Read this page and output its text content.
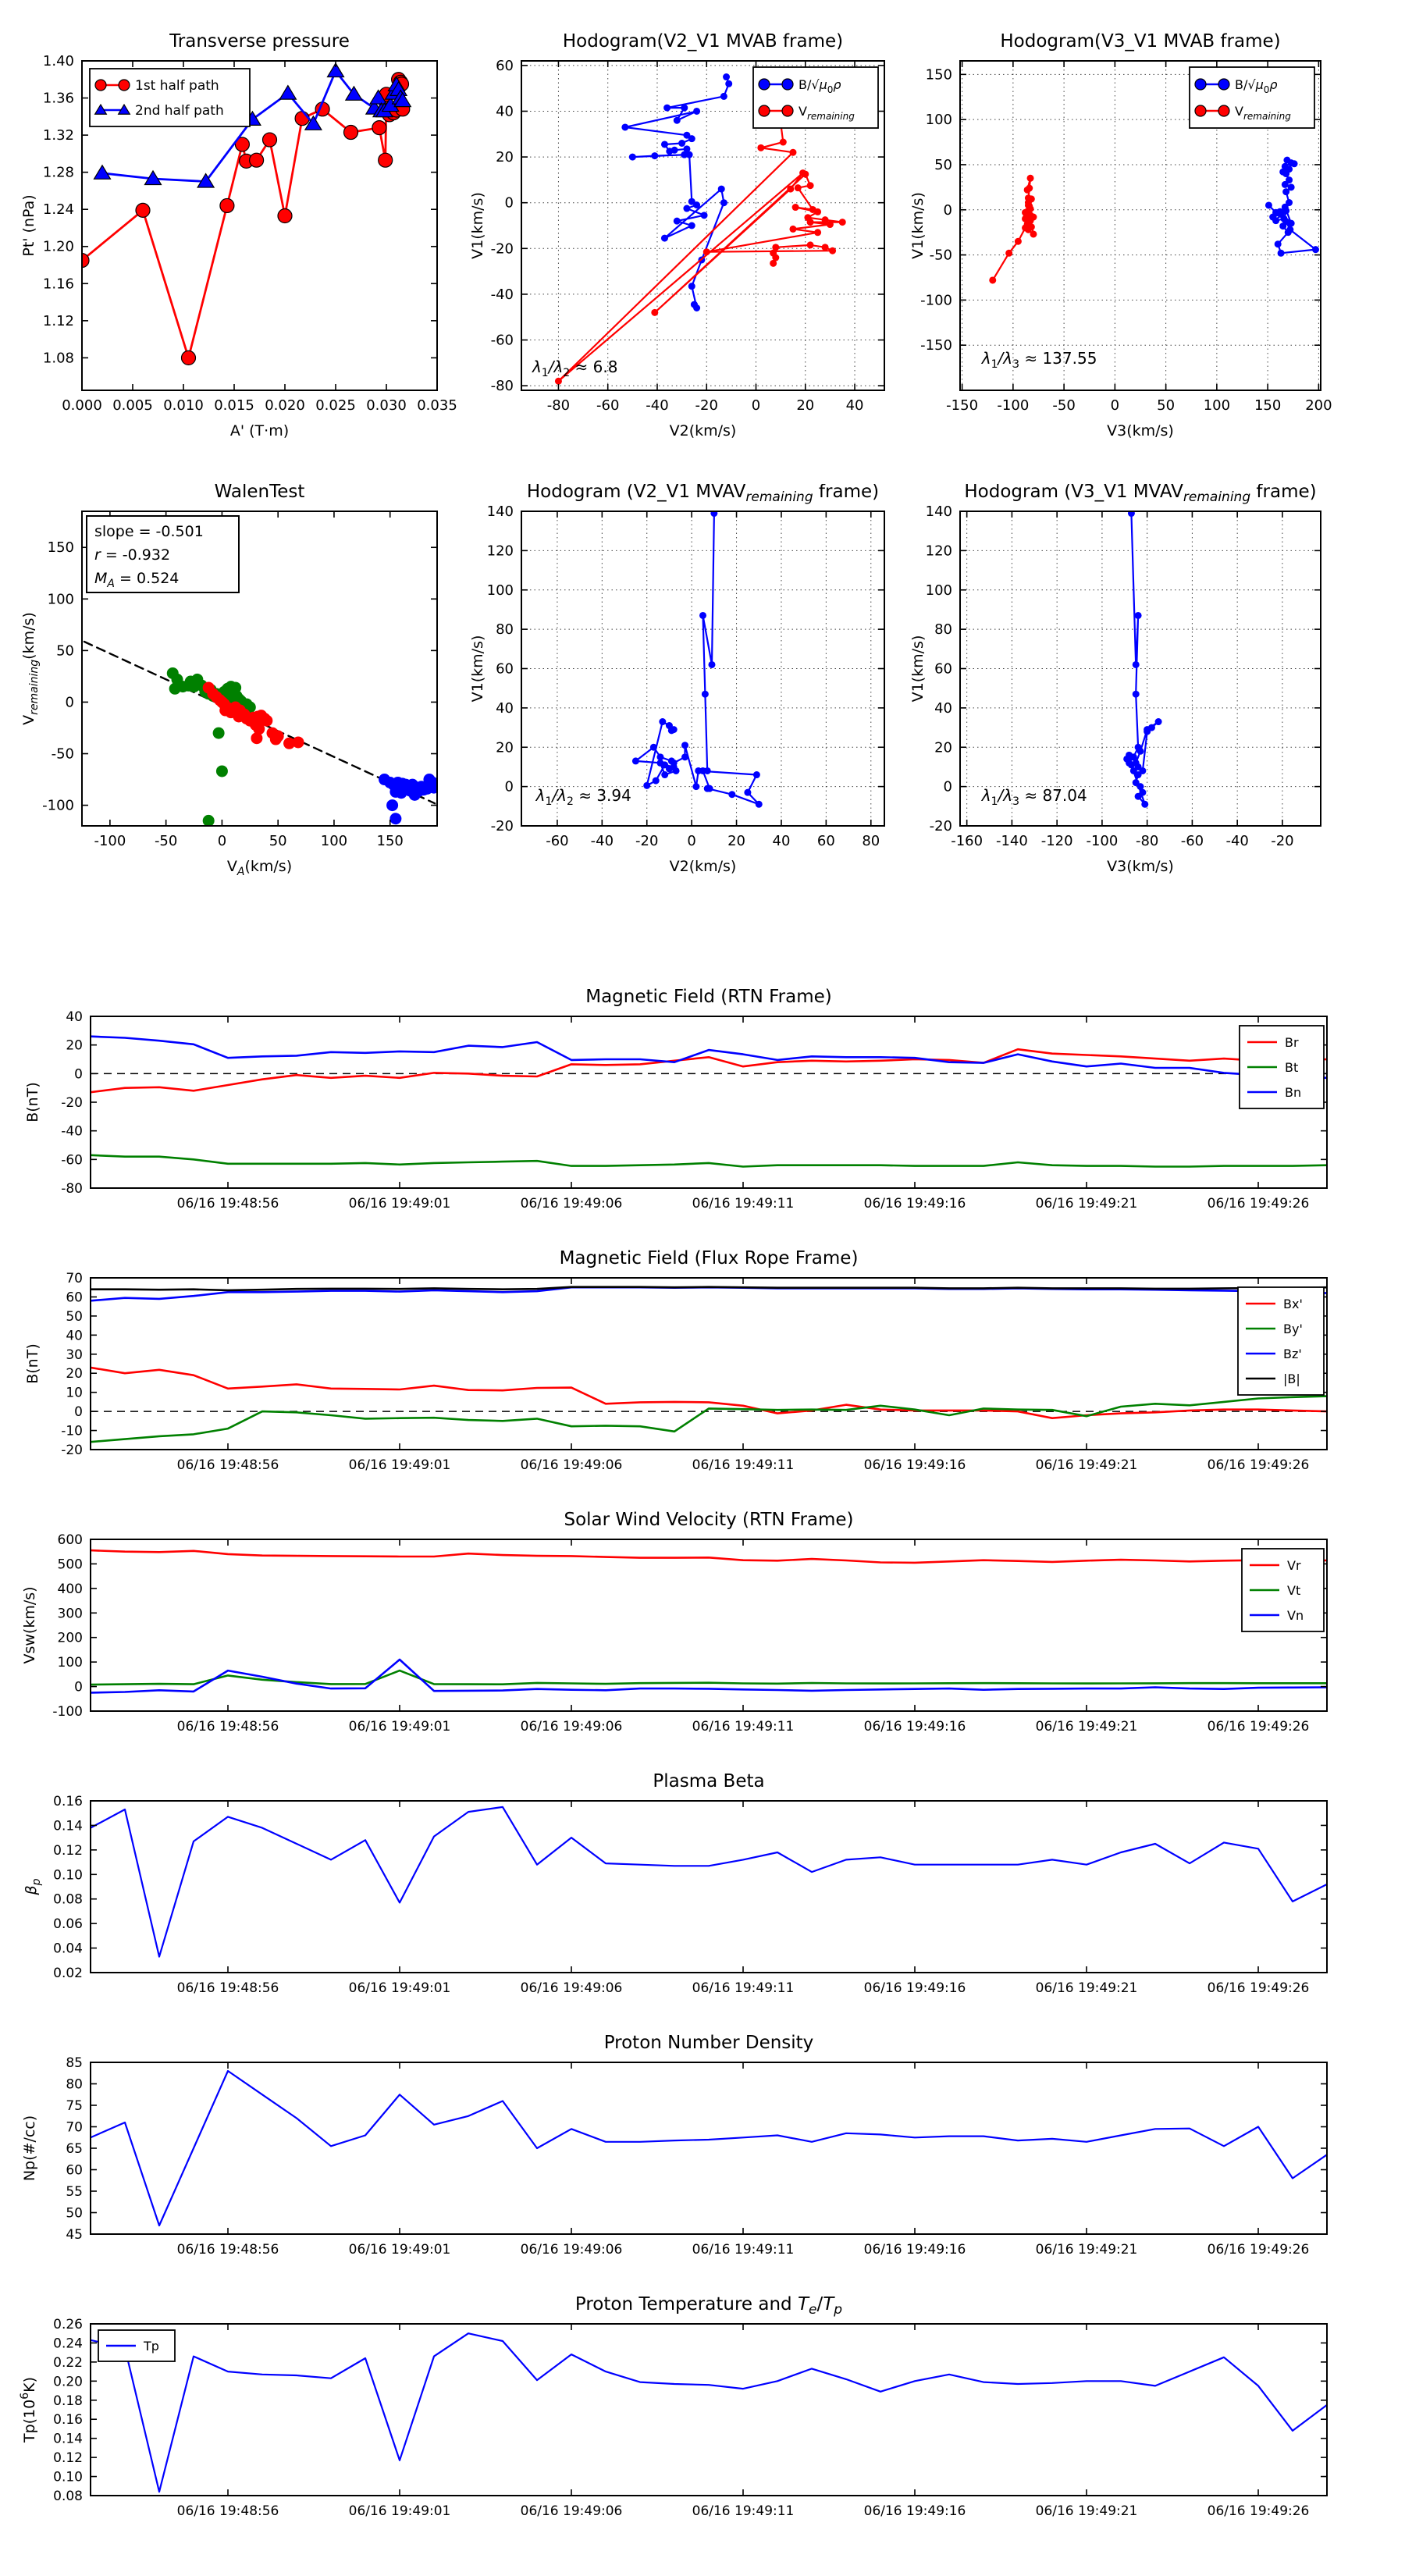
0.000 0.005 0.010 0.015 0.020 0.025 0.030 0.035
1.08
1.12
1.16
1.20
1.24
1.28
1.32
1.36
1.40
Transverse pressure
A' (T·m)
Pt' (nPa)
1st half path
2nd half path
-80 -60 -40 -20 0	20 40
-80
-60
-40
-20
0
20
40
60
Hodogram(V2_V1 MVAB frame)
V2(km/s)
V1(km/s)
$\lambda_1/\lambda_2 \approx 6.8$
$B/√\mu_0\rho$
$V_{remaining}$
-150 -100 -50 0	50 100 150 200
-150
-100
-50
0
50
100
150
Hodogram(V3_V1 MVAB frame)
V3(km/s)
V1(km/s)
$\lambda_1/\lambda_3 \approx 137.55$
$B/√\mu_0\rho$
$V_{remaining}$
-100 -50	0	50 100 150
-100
-50
0
50
100
150
WalenTest
$V_A(km/s)$
$V_{remaining}(km/s)$
slope = -0.501
r = -0.932
$M_A = 0.524$
-60 -40 -20 0 20 40 60 80
-20
0
20
40
60
80
100
120
140
Hodogram (V2_V1 $MVAV_{remaining}$ frame)
V2(km/s)
V1(km/s)
$\lambda_1/\lambda_2 \approx 3.94$
-160 -140 -120 -100 -80 -60 -40 -20
-20
0
20
40
60
80
100
120
140
Hodogram (V3_V1 $MVAV_{remaining}$ frame)
V3(km/s)
V1(km/s)
$\lambda_1/\lambda_3 \approx 87.04$
06/16 19:48:56	06/16 19:49:01	06/16 19:49:06	06/16 19:49:11	06/16 19:49:16	06/16 19:49:21	06/16 19:49:26
-80
-60
-40
-20
0
20
40
Magnetic Field (RTN Frame)
B(nT)
Br
Bt
Bn
06/16 19:48:56	06/16 19:49:01	06/16 19:49:06	06/16 19:49:11	06/16 19:49:16	06/16 19:49:21	06/16 19:49:26
-20
-10
0
10
20
30
40
50
60
70
Magnetic Field (Flux Rope Frame)
B(nT)
Bx'
By'
Bz'
|B|
06/16 19:48:56	06/16 19:49:01	06/16 19:49:06	06/16 19:49:11	06/16 19:49:16	06/16 19:49:21	06/16 19:49:26
-100
0
100
200
300
400
500
600
Solar Wind Velocity (RTN Frame)
Vsw(km/s)
Vr
Vt
Vn
06/16 19:48:56	06/16 19:49:01	06/16 19:49:06	06/16 19:49:11	06/16 19:49:16	06/16 19:49:21	06/16 19:49:26
0.02
0.04
0.06
0.08
0.10
0.12
0.14
0.16
Plasma Beta
$\beta_p$
06/16 19:48:56	06/16 19:49:01	06/16 19:49:06	06/16 19:49:11	06/16 19:49:16	06/16 19:49:21	06/16 19:49:26
45
50
55
60
65
70
75
80
85
Proton Number Density
Np(#/cc)
06/16 19:48:56	06/16 19:49:01	06/16 19:49:06	06/16 19:49:11	06/16 19:49:16	06/16 19:49:21	06/16 19:49:26
0.08
0.10
0.12
0.14
0.16
0.18
0.20
0.22
0.24
0.26
Proton Temperature and $T_e/T_p$
$Tp(10^6K)$
Tp
